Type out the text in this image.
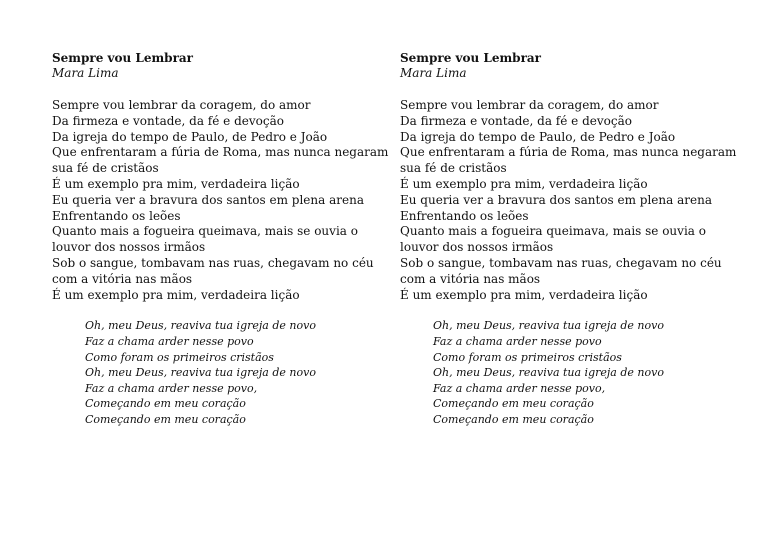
Sempre vou Lembrar
Mara Lima
Sempre vou lembrar da coragem, do amor
Da firmeza e vontade, da fé e devoção
Da igreja do tempo de Paulo, de Pedro e João
Que enfrentaram a fúria de Roma, mas nunca negaram
sua fé de cristãos
É um exemplo pra mim, verdadeira lição
Eu queria ver a bravura dos santos em plena arena
Enfrentando os leões
Quanto mais a fogueira queimava, mais se ouvia o
louvor dos nossos irmãos
Sob o sangue, tombavam nas ruas, chegavam no céu
com a vitória nas mãos
É um exemplo pra mim, verdadeira lição
Oh, meu Deus, reaviva tua igreja de novo
Faz a chama arder nesse povo
Como foram os primeiros cristãos
Oh, meu Deus, reaviva tua igreja de novo
Faz a chama arder nesse povo,
Começando em meu coração
Começando em meu coração
Sempre vou Lembrar
Mara Lima
Sempre vou lembrar da coragem, do amor
Da firmeza e vontade, da fé e devoção
Da igreja do tempo de Paulo, de Pedro e João
Que enfrentaram a fúria de Roma, mas nunca negaram
sua fé de cristãos
É um exemplo pra mim, verdadeira lição
Eu queria ver a bravura dos santos em plena arena
Enfrentando os leões
Quanto mais a fogueira queimava, mais se ouvia o
louvor dos nossos irmãos
Sob o sangue, tombavam nas ruas, chegavam no céu
com a vitória nas mãos
É um exemplo pra mim, verdadeira lição
Oh, meu Deus, reaviva tua igreja de novo
Faz a chama arder nesse povo
Como foram os primeiros cristãos
Oh, meu Deus, reaviva tua igreja de novo
Faz a chama arder nesse povo,
Começando em meu coração
Começando em meu coração
